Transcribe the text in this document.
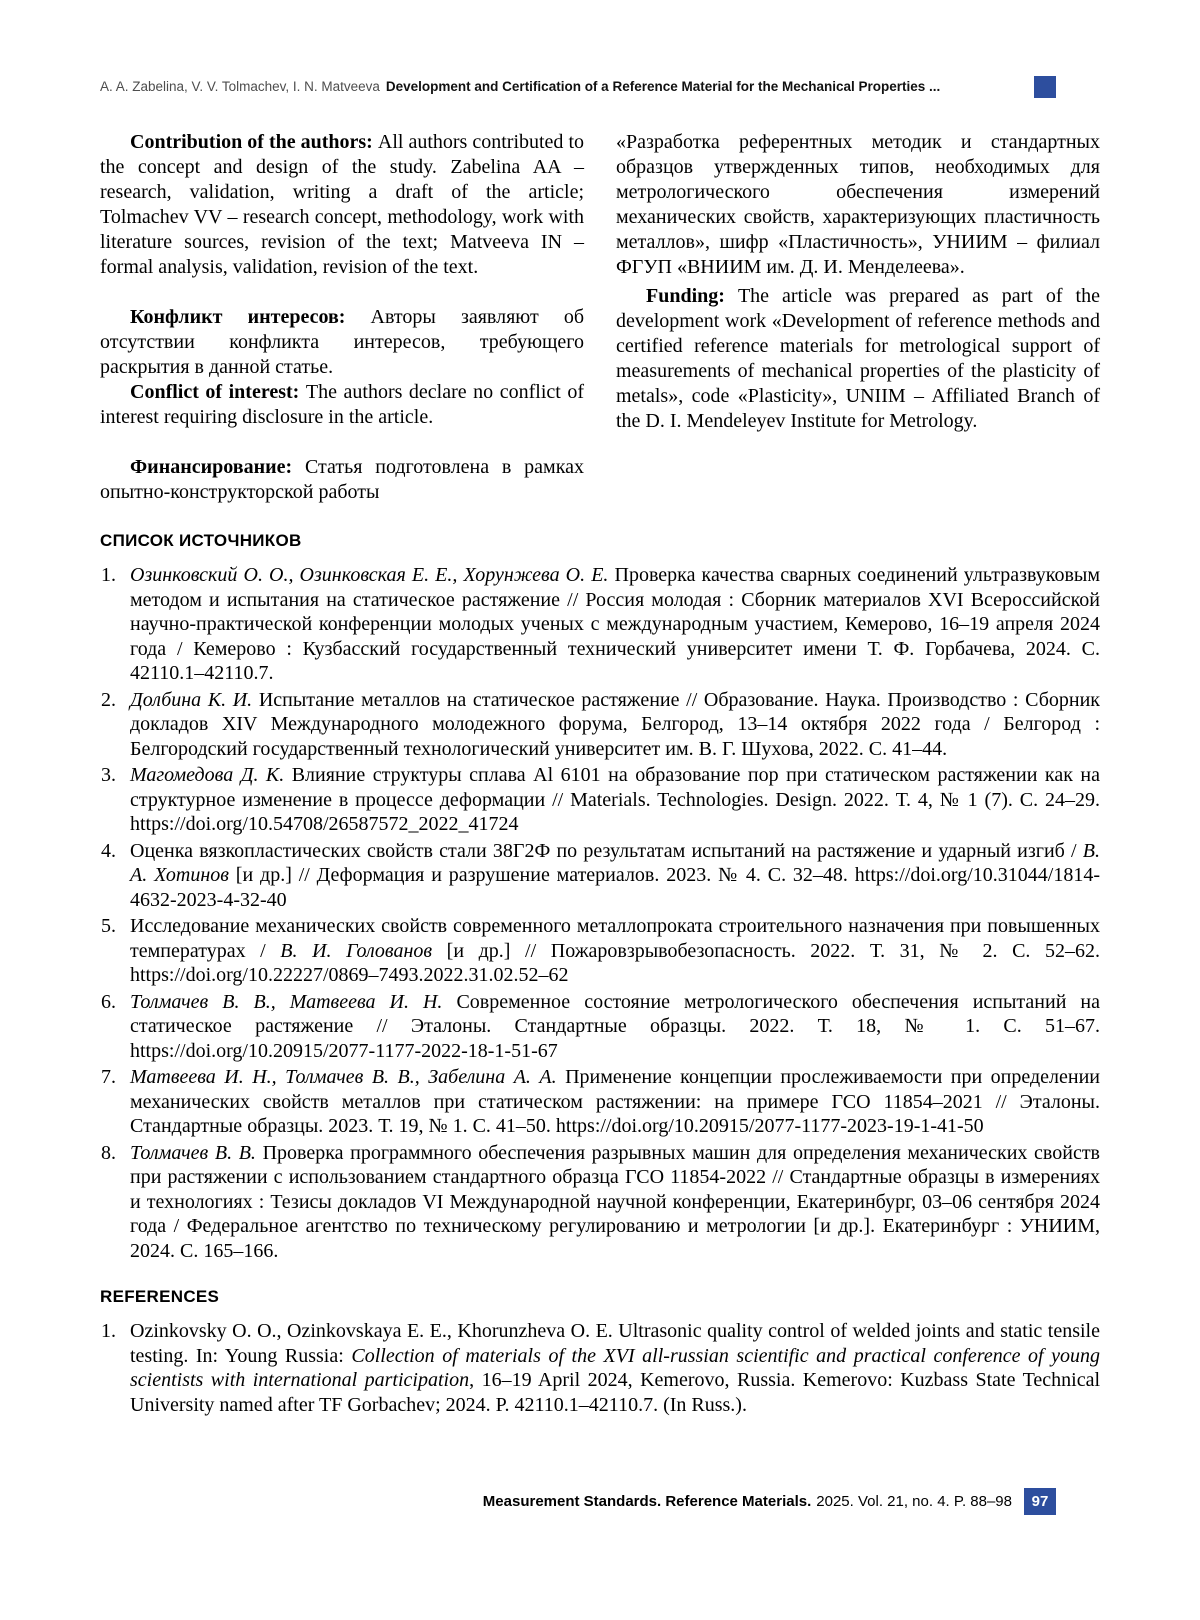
A. A. Zabelina, V. V. Tolmachev, I. N. Matveeva Development and Certification of a Reference Material for the Mechanical Properties ...

Contribution of the authors: All authors contributed to the concept and design of the study. Zabelina AA – research, validation, writing a draft of the article; Tolmachev VV – research concept, methodology, work with literature sources, revision of the text; Matveeva IN – formal analysis, validation, revision of the text.

Конфликт интересов: Авторы заявляют об отсутствии конфликта интересов, требующего раскрытия в данной статье.

Conflict of interest: The authors declare no conflict of interest requiring disclosure in the article.

Финансирование: Статья подготовлена в рамках опытно-конструкторской работы

«Разработка референтных методик и стандартных образцов утвержденных типов, необходимых для метрологического обеспечения измерений механических свойств, характеризующих пластичность металлов», шифр «Пластичность», УНИИМ – филиал ФГУП «ВНИИМ им. Д. И. Менделеева».

Funding: The article was prepared as part of the development work «Development of reference methods and certified reference materials for metrological support of measurements of mechanical properties of the plasticity of metals», code «Plasticity», UNIIM – Affiliated Branch of the D. I. Mendeleyev Institute for Metrology.

СПИСОК ИСТОЧНИКОВ
1. Озинковский О. О., Озинковская Е. Е., Хорунжева О. Е. Проверка качества сварных соединений ультразвуковым методом и испытания на статическое растяжение // Россия молодая : Сборник материалов XVI Всероссийской научно-практической конференции молодых ученых с международным участием, Кемерово, 16–19 апреля 2024 года / Кемерово : Кузбасский государственный технический университет имени Т. Ф. Горбачева, 2024. С. 42110.1–42110.7.
2. Долбина К. И. Испытание металлов на статическое растяжение // Образование. Наука. Производство : Сборник докладов XIV Международного молодежного форума, Белгород, 13–14 октября 2022 года / Белгород : Белгородский государственный технологический университет им. В. Г. Шухова, 2022. С. 41–44.
3. Магомедова Д. К. Влияние структуры сплава Al 6101 на образование пор при статическом растяжении как на структурное изменение в процессе деформации // Materials. Technologies. Design. 2022. Т. 4, № 1 (7). С. 24–29. https://doi.org/10.54708/26587572_2022_41724
4. Оценка вязкопластических свойств стали 38Г2Ф по результатам испытаний на растяжение и ударный изгиб / В. А. Хотинов [и др.] // Деформация и разрушение материалов. 2023. № 4. С. 32–48. https://doi.org/10.31044/1814-4632-2023-4-32-40
5. Исследование механических свойств современного металлопроката строительного назначения при повышенных температурах / В. И. Голованов [и др.] // Пожаровзрывобезопасность. 2022. Т. 31, № 2. С. 52–62. https://doi.org/10.22227/0869–7493.2022.31.02.52–62
6. Толмачев В. В., Матвеева И. Н. Современное состояние метрологического обеспечения испытаний на статическое растяжение // Эталоны. Стандартные образцы. 2022. Т. 18, № 1. С. 51–67. https://doi.org/10.20915/2077-1177-2022-18-1-51-67
7. Матвеева И. Н., Толмачев В. В., Забелина А. А. Применение концепции прослеживаемости при определении механических свойств металлов при статическом растяжении: на примере ГСО 11854–2021 // Эталоны. Стандартные образцы. 2023. Т. 19, № 1. С. 41–50. https://doi.org/10.20915/2077-1177-2023-19-1-41-50
8. Толмачев В. В. Проверка программного обеспечения разрывных машин для определения механических свойств при растяжении с использованием стандартного образца ГСО 11854-2022 // Стандартные образцы в измерениях и технологиях : Тезисы докладов VI Международной научной конференции, Екатеринбург, 03–06 сентября 2024 года / Федеральное агентство по техническому регулированию и метрологии [и др.]. Екатеринбург : УНИИМ, 2024. С. 165–166.
REFERENCES
1. Ozinkovsky O. O., Ozinkovskaya E. E., Khorunzheva O. E. Ultrasonic quality control of welded joints and static tensile testing. In: Young Russia: Collection of materials of the XVI all-russian scientific and practical conference of young scientists with international participation, 16–19 April 2024, Kemerovo, Russia. Kemerovo: Kuzbass State Technical University named after TF Gorbachev; 2024. P. 42110.1–42110.7. (In Russ.).
Measurement Standards. Reference Materials. 2025. Vol. 21, no. 4. P. 88–98	97
